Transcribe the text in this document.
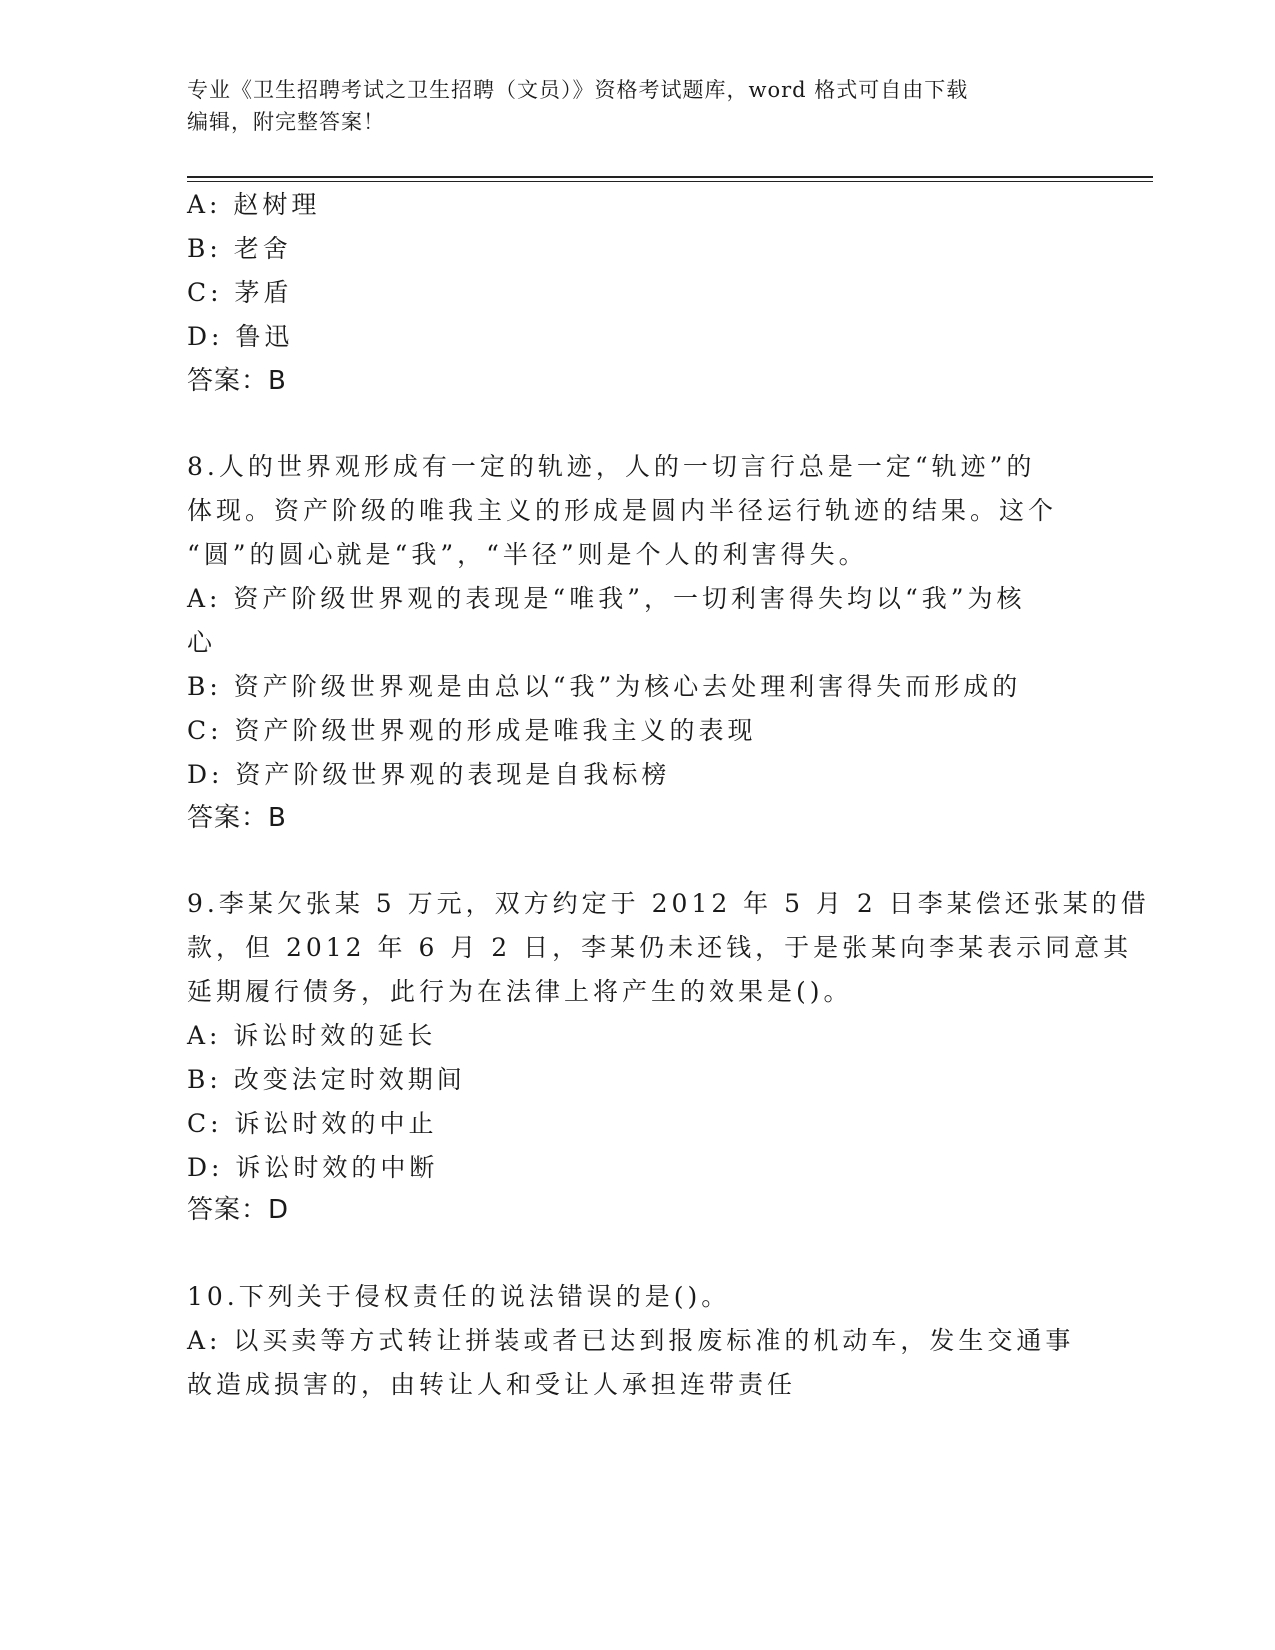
专业《卫生招聘考试之卫生招聘（文员）》资格考试题库，word 格式可自由下载
编辑，附完整答案！
A: 赵树理
B: 老舍
C: 茅盾
D: 鲁迅
答案：B
8.人的世界观形成有一定的轨迹，人的一切言行总是一定“轨迹”的
体现。资产阶级的唯我主义的形成是圆内半径运行轨迹的结果。这个
“圆”的圆心就是“我”，“半径”则是个人的利害得失。
A: 资产阶级世界观的表现是“唯我”，一切利害得失均以“我”为核
心
B: 资产阶级世界观是由总以“我”为核心去处理利害得失而形成的
C: 资产阶级世界观的形成是唯我主义的表现
D: 资产阶级世界观的表现是自我标榜
答案：B
9.李某欠张某 5 万元，双方约定于 2012 年 5 月 2 日李某偿还张某的借
款，但 2012 年 6 月 2 日，李某仍未还钱，于是张某向李某表示同意其
延期履行债务，此行为在法律上将产生的效果是()。
A: 诉讼时效的延长
B: 改变法定时效期间
C: 诉讼时效的中止
D: 诉讼时效的中断
答案：D
10.下列关于侵权责任的说法错误的是()。
A: 以买卖等方式转让拼装或者已达到报废标准的机动车，发生交通事
故造成损害的，由转让人和受让人承担连带责任
